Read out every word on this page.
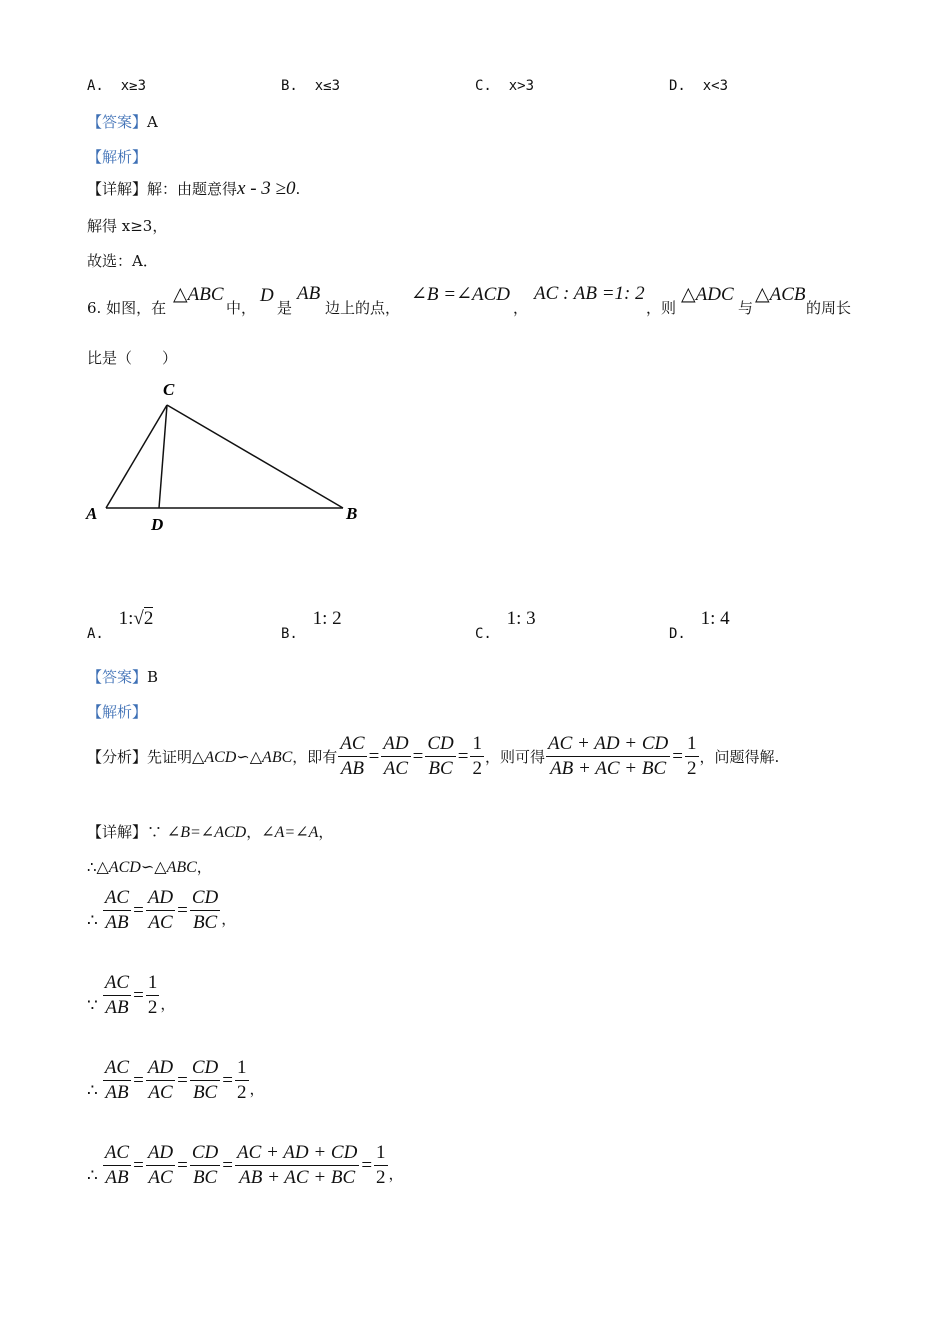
A. x≥3	B. x≤3	C. x>3	D. x<3
【答案】A
【解析】
【详解】解：由题意得x - 3 ≥0.
解得 x≥3，
故选：A．
6. 如图，在
△ABC
中，
D
是
AB
边上的点，
∠B =∠ACD
，
AC : AB =1: 2
，则
△ADC
与
△ACB
的周长
比是（　　）
C
A
D
B
A. 1:√2
B. 1: 2
C. 1: 3
D. 1: 4
【答案】B
【解析】
【分析】 先证明 △ACD∽△ABC ，即有 $\frac{AC}{AB} = \frac{AD}{AC} = \frac{CD}{BC} = \frac{1}{2}$ ，则可得 $\frac{AC + AD + CD}{AB + AC + BC} = \frac{1}{2}$ ，问题得解.
【详解】∵ ∠B=∠ACD，∠A=∠A，
∴△ACD∽△ABC，
∴ $\frac{AC}{AB} = \frac{AD}{AC} = \frac{CD}{BC}$ ，
∵ $\frac{AC}{AB} = \frac{1}{2}$ ，
∴ $\frac{AC}{AB} = \frac{AD}{AC} = \frac{CD}{BC} = \frac{1}{2}$ ，
∴ $\frac{AC}{AB} = \frac{AD}{AC} = \frac{CD}{BC} = \frac{AC + AD + CD}{AB + AC + BC} = \frac{1}{2}$ ，
